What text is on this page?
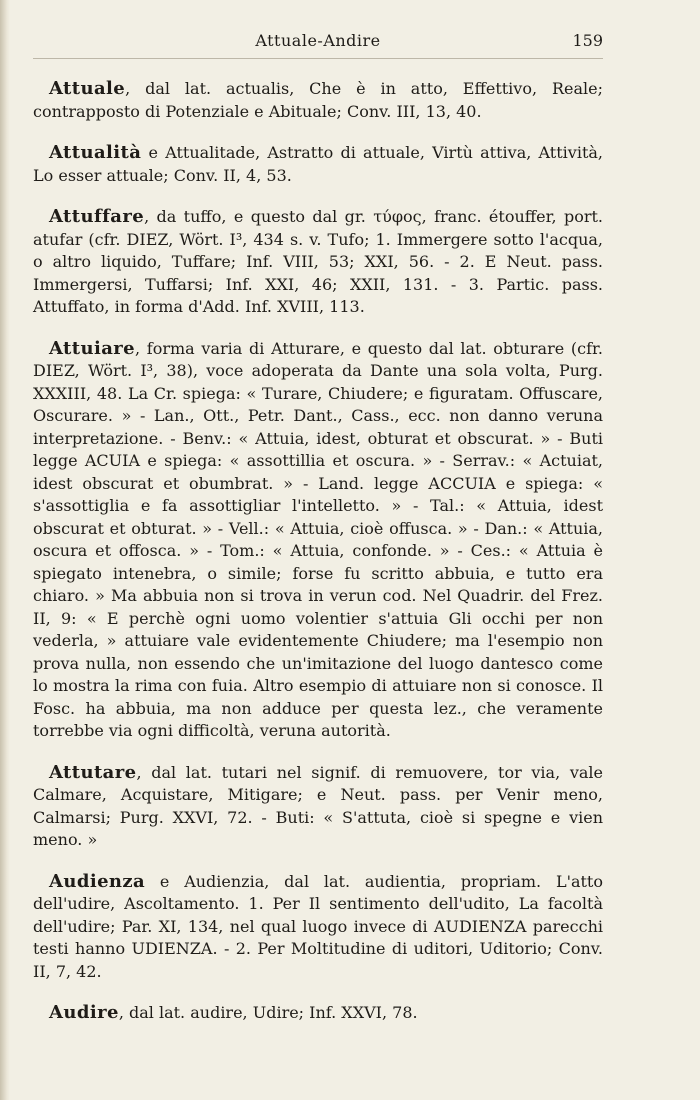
Attuale-Andire	159

Attuale, dal lat. actualis, Che è in atto, Effettivo, Reale; contrapposto di Potenziale e Abituale; Conv. III, 13, 40.

Attualità e Attualitade, Astratto di attuale, Virtù attiva, Attività, Lo esser attuale; Conv. II, 4, 53.

Attuffare, da tuffo, e questo dal gr. τύφος, franc. étouffer, port. atufar (cfr. DIEZ, Wört. I³, 434 s. v. Tufo; 1. Immergere sotto l'acqua, o altro liquido, Tuffare; Inf. VIII, 53; XXI, 56. - 2. E Neut. pass. Immergersi, Tuffarsi; Inf. XXI, 46; XXII, 131. - 3. Partic. pass. Attuffato, in forma d'Add. Inf. XVIII, 113.

Attuiare, forma varia di Atturare, e questo dal lat. obturare (cfr. DIEZ, Wört. I³, 38), voce adoperata da Dante una sola volta, Purg. XXXIII, 48. La Cr. spiega: « Turare, Chiudere; e figuratam. Offuscare, Oscurare. » - Lan., Ott., Petr. Dant., Cass., ecc. non danno veruna interpretazione. - Benv.: « Attuia, idest, obturat et obscurat. » - Buti legge ACUIA e spiega: « assottillia et oscura. » - Serrav.: « Actuiat, idest obscurat et obumbrat. » - Land. legge ACCUIA e spiega: « s'assottiglia e fa assottigliar l'intelletto. » - Tal.: « Attuia, idest obscurat et obturat. » - Vell.: « Attuia, cioè offusca. » - Dan.: « Attuia, oscura et offosca. » - Tom.: « Attuia, confonde. » - Ces.: « Attuia è spiegato intenebra, o simile; forse fu scritto abbuia, e tutto era chiaro. » Ma abbuia non si trova in verun cod. Nel Quadrir. del Frez. II, 9: « E perchè ogni uomo volentier s'attuia Gli occhi per non vederla, » attuiare vale evidentemente Chiudere; ma l'esempio non prova nulla, non essendo che un'imitazione del luogo dantesco come lo mostra la rima con fuia. Altro esempio di attuiare non si conosce. Il Fosc. ha abbuia, ma non adduce per questa lez., che veramente torrebbe via ogni difficoltà, veruna autorità.

Attutare, dal lat. tutari nel signif. di remuovere, tor via, vale Calmare, Acquistare, Mitigare; e Neut. pass. per Venir meno, Calmarsi; Purg. XXVI, 72. - Buti: « S'attuta, cioè si spegne e vien meno. »

Audienza e Audienzia, dal lat. audientia, propriam. L'atto dell'udire, Ascoltamento. 1. Per Il sentimento dell'udito, La facoltà dell'udire; Par. XI, 134, nel qual luogo invece di AUDIENZA parecchi testi hanno UDIENZA. - 2. Per Moltitudine di uditori, Uditorio; Conv. II, 7, 42.

Audire, dal lat. audire, Udire; Inf. XXVI, 78.
